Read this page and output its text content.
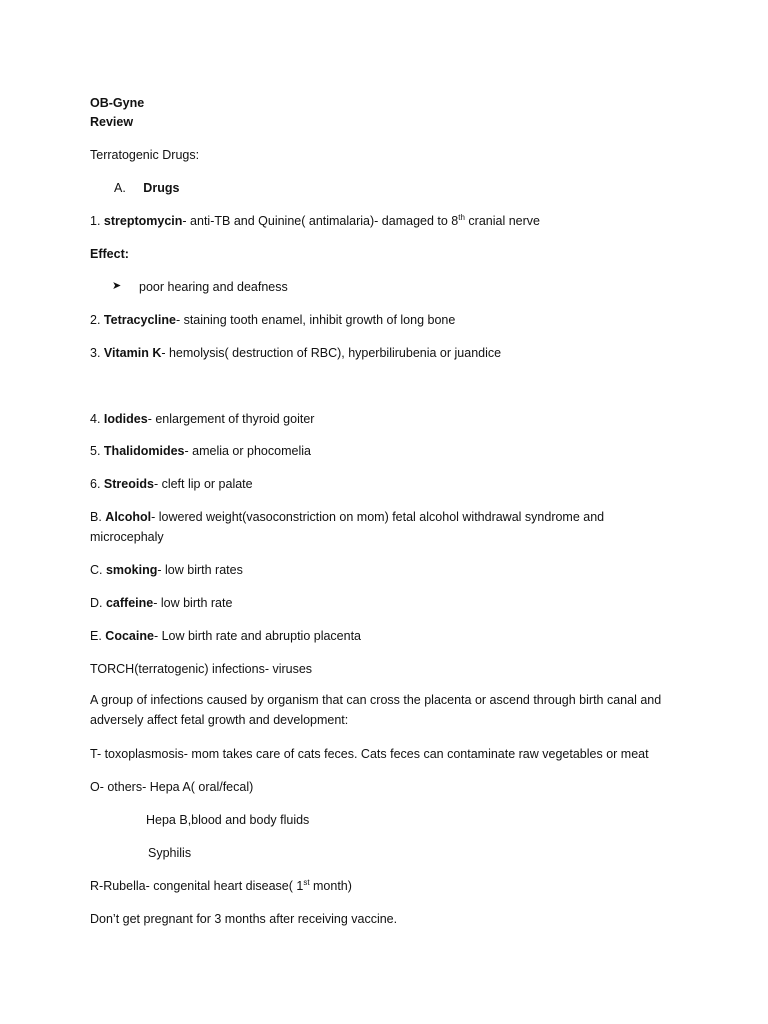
OB-Gyne
Review
Terratogenic Drugs:
A. Drugs
1. streptomycin- anti-TB and Quinine( antimalaria)- damaged to 8th cranial nerve
Effect:
➤ poor hearing and deafness
2. Tetracycline- staining tooth enamel, inhibit growth of long bone
3. Vitamin K- hemolysis( destruction of RBC), hyperbilirubenia or juandice
4. Iodides- enlargement of thyroid goiter
5. Thalidomides- amelia or phocomelia
6. Streoids- cleft lip or palate
B. Alcohol- lowered weight(vasoconstriction on mom) fetal alcohol withdrawal syndrome and microcephaly
C. smoking- low birth rates
D. caffeine- low birth rate
E. Cocaine- Low birth rate and abruptio placenta
TORCH(terratogenic) infections- viruses
A group of infections caused by organism that can cross the placenta or ascend through birth canal and adversely affect fetal growth and development:
T- toxoplasmosis- mom takes care of cats feces. Cats feces can contaminate raw vegetables or meat
O- others- Hepa A( oral/fecal)
Hepa B,blood and body fluids
Syphilis
R-Rubella- congenital heart disease( 1st month)
Don’t get pregnant for 3 months after receiving vaccine.
